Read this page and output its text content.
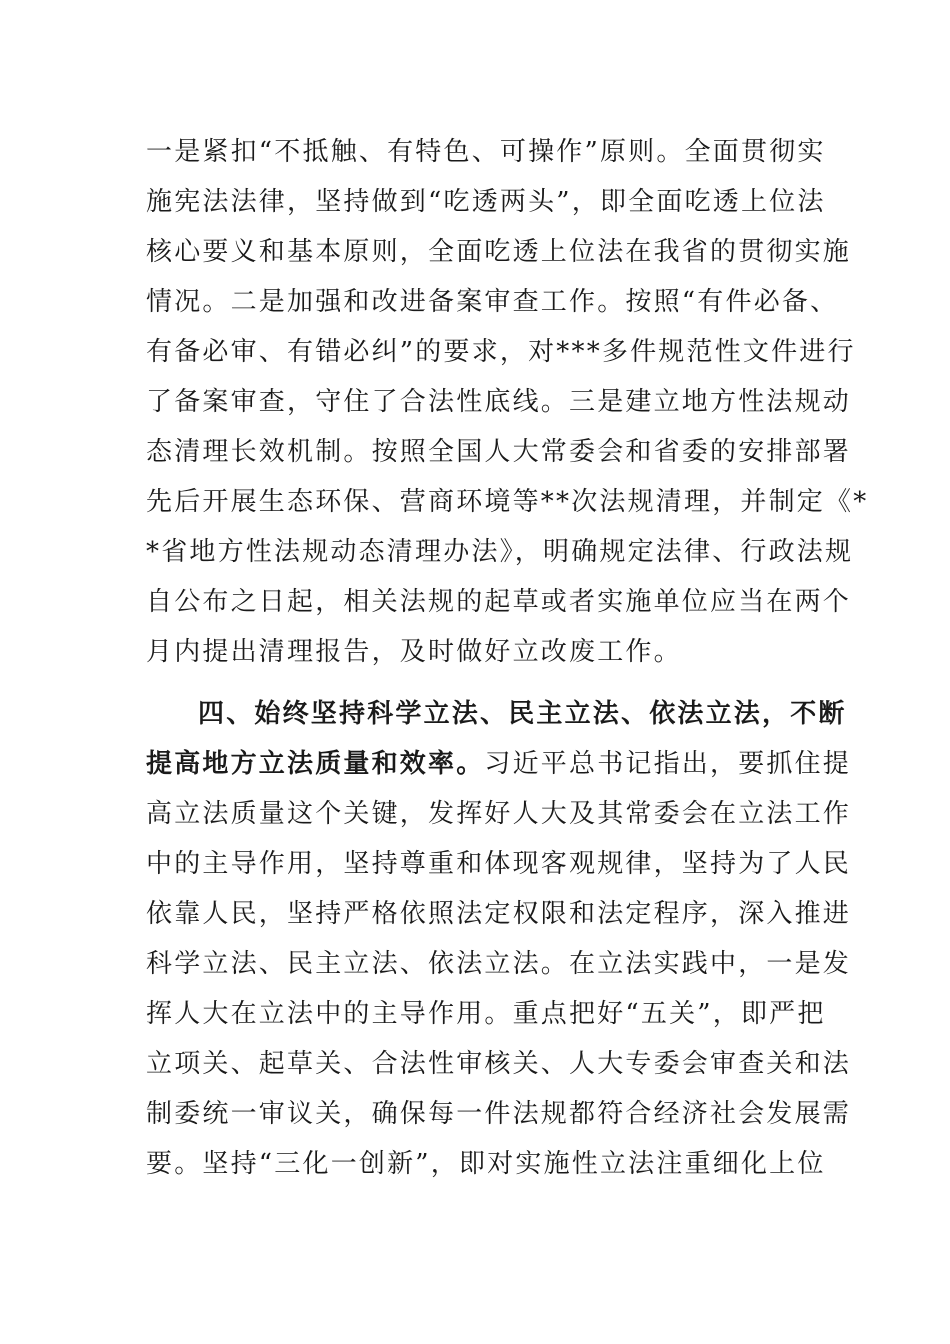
一是紧扣“不抵触、有特色、可操作”原则。全面贯彻实
施宪法法律，坚持做到“吃透两头”，即全面吃透上位法
核心要义和基本原则，全面吃透上位法在我省的贯彻实施
情况。二是加强和改进备案审查工作。按照“有件必备、
有备必审、有错必纠”的要求，对***多件规范性文件进行
了备案审查，守住了合法性底线。三是建立地方性法规动
态清理长效机制。按照全国人大常委会和省委的安排部署
先后开展生态环保、营商环境等**次法规清理，并制定《*
*省地方性法规动态清理办法》，明确规定法律、行政法规
自公布之日起，相关法规的起草或者实施单位应当在两个
月内提出清理报告，及时做好立改废工作。
四、始终坚持科学立法、民主立法、依法立法，不断
提高地方立法质量和效率。习近平总书记指出，要抓住提
高立法质量这个关键，发挥好人大及其常委会在立法工作
中的主导作用，坚持尊重和体现客观规律，坚持为了人民
依靠人民，坚持严格依照法定权限和法定程序，深入推进
科学立法、民主立法、依法立法。在立法实践中，一是发
挥人大在立法中的主导作用。重点把好“五关”，即严把
立项关、起草关、合法性审核关、人大专委会审查关和法
制委统一审议关，确保每一件法规都符合经济社会发展需
要。坚持“三化一创新”，即对实施性立法注重细化上位
